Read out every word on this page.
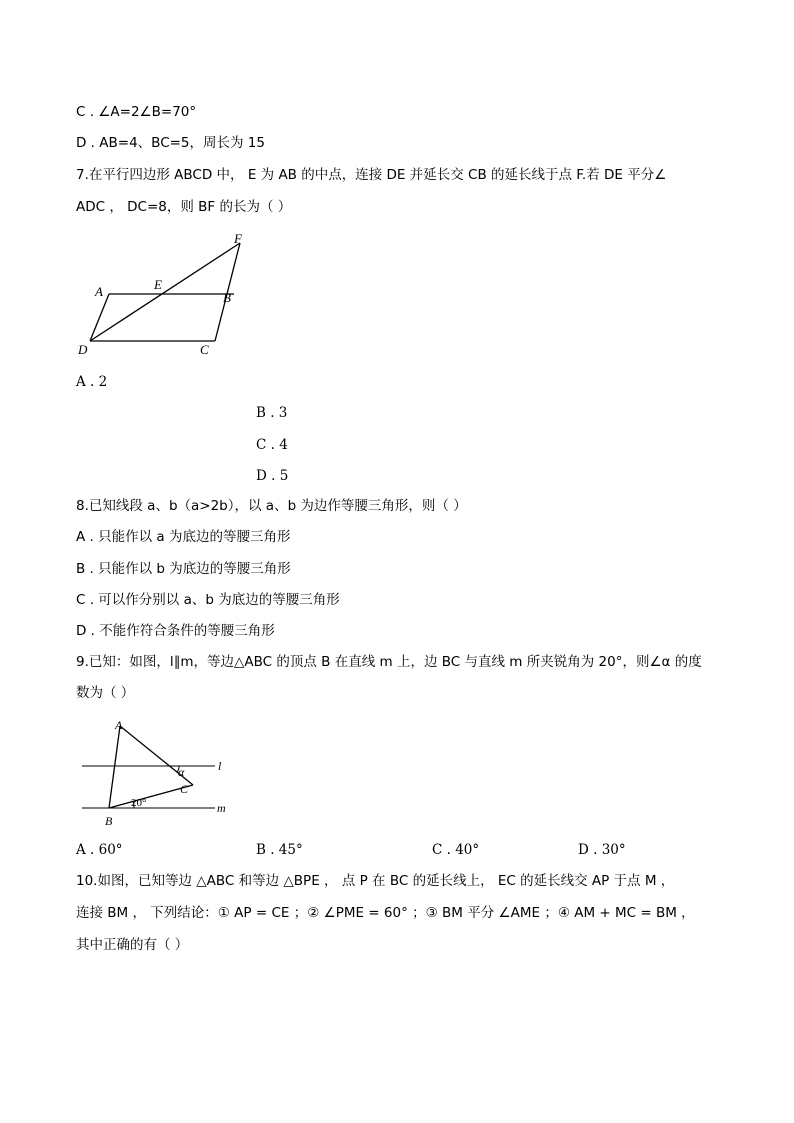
C . ∠A=2∠B=70°
D . AB=4、BC=5，周长为 15
7.在平行四边形 ABCD 中， E 为 AB 的中点，连接 DE 并延长交 CB 的延长线于点 F.若 DE 平分∠
ADC ， DC=8，则 BF 的长为（ ）
A	E
B
F
D	C
A . 2
B . 3
C . 4
D . 5
8.已知线段 a、b（a>2b），以 a、b 为边作等腰三角形，则（ ）
A . 只能作以 a 为底边的等腰三角形
B . 只能作以 b 为底边的等腰三角形
C . 可以作分别以 a、b 为底边的等腰三角形
D . 不能作符合条件的等腰三角形
9.已知：如图，l∥m，等边△ABC 的顶点 B 在直线 m 上，边 BC 与直线 m 所夹锐角为 20°，则∠α 的度
数为（ ）
A
B
C
α
20°
l
m
A . 60°	B . 45°	C . 40°	D . 30°
10.如图，已知等边 △ABC 和等边 △BPE ， 点 P 在 BC 的延长线上， EC 的延长线交 AP 于点 M ，
连接 BM ， 下列结论：① AP = CE ；② ∠PME = 60° ；③ BM 平分 ∠AME ；④ AM + MC = BM ，
其中正确的有（ ）
